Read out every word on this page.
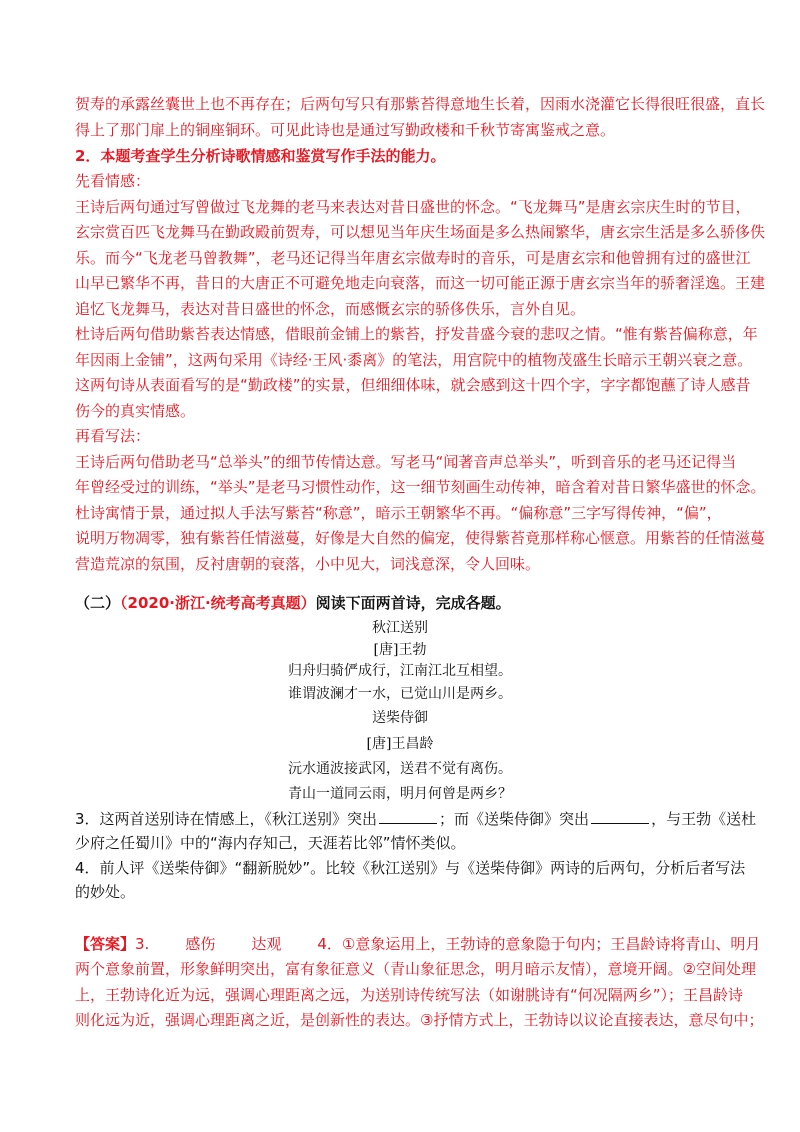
贺寿的承露丝囊世上也不再存在；后两句写只有那紫苔得意地生长着，因雨水浇灌它长得很旺很盛，直长
得上了那门扉上的铜座铜环。可见此诗也是通过写勤政楼和千秋节寄寓鉴戒之意。
2．本题考查学生分析诗歌情感和鉴赏写作手法的能力。
先看情感：
王诗后两句通过写曾做过飞龙舞的老马来表达对昔日盛世的怀念。“飞龙舞马”是唐玄宗庆生时的节目，
玄宗赏百匹飞龙舞马在勤政殿前贺寿，可以想见当年庆生场面是多么热闹繁华，唐玄宗生活是多么骄侈佚
乐。而今“飞龙老马曾教舞”，老马还记得当年唐玄宗做寿时的音乐，可是唐玄宗和他曾拥有过的盛世江
山早已繁华不再，昔日的大唐正不可避免地走向衰落，而这一切可能正源于唐玄宗当年的骄奢淫逸。王建
追忆飞龙舞马，表达对昔日盛世的怀念，而感慨玄宗的骄侈佚乐，言外自见。
杜诗后两句借助紫苔表达情感，借眼前金铺上的紫苔，抒发昔盛今衰的悲叹之情。“惟有紫苔偏称意，年
年因雨上金铺”，这两句采用《诗经·王风·黍离》的笔法，用宫院中的植物茂盛生长暗示王朝兴衰之意。
这两句诗从表面看写的是“勤政楼”的实景，但细细体味，就会感到这十四个字，字字都饱蘸了诗人感昔
伤今的真实情感。
再看写法：
王诗后两句借助老马“总举头”的细节传情达意。写老马“闻著音声总举头”，听到音乐的老马还记得当
年曾经受过的训练，“举头”是老马习惯性动作，这一细节刻画生动传神，暗含着对昔日繁华盛世的怀念。
杜诗寓情于景，通过拟人手法写紫苔“称意”，暗示王朝繁华不再。“偏称意”三字写得传神，“偏”，
说明万物凋零，独有紫苔任情滋蔓，好像是大自然的偏宠，使得紫苔竟那样称心惬意。用紫苔的任情滋蔓
营造荒凉的氛围，反衬唐朝的衰落，小中见大，词浅意深，令人回味。
（二）（2020·浙江·统考高考真题）阅读下面两首诗，完成各题。
秋江送别
[唐]王勃
归舟归骑俨成行，江南江北互相望。
谁谓波澜才一水，已觉山川是两乡。
送柴侍御
[唐]王昌龄
沅水通波接武冈，送君不觉有离伤。
青山一道同云雨，明月何曾是两乡？
3．这两首送别诗在情感上，《秋江送别》突出	；而《送柴侍御》突出	，与王勃《送杜
少府之任蜀川》中的“海内存知己，天涯若比邻”情怀类似。
4．前人评《送柴侍御》“翻新脱妙”。比较《秋江送别》与《送柴侍御》两诗的后两句，分析后者写法
的妙处。
【答案】3. 感伤 达观 4．①意象运用上，王勃诗的意象隐于句内；王昌龄诗将青山、明月
两个意象前置，形象鲜明突出，富有象征意义（青山象征思念，明月暗示友情），意境开阔。②空间处理
上，王勃诗化近为远，强调心理距离之远，为送别诗传统写法（如谢朓诗有“何况隔两乡”）；王昌龄诗
则化远为近，强调心理距离之近，是创新性的表达。③抒情方式上，王勃诗以议论直接表达，意尽句中；
